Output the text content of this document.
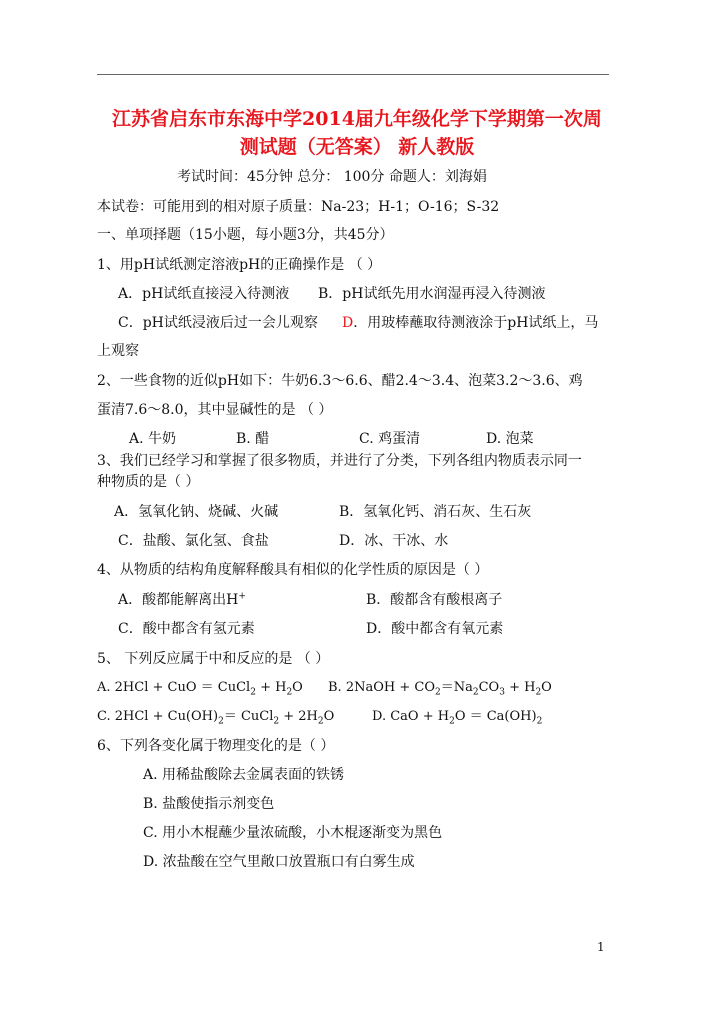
江苏省启东市东海中学2014届九年级化学下学期第一次周
测试题（无答案） 新人教版
考试时间：45分钟 总分： 100分 命题人：刘海娟
本试卷：可能用到的相对原子质量：Na-23；H-1；O-16；S-32
一、单项择题（15小题，每小题3分，共45分）
1、用pH试纸测定溶液pH的正确操作是 （ ）
A．pH试纸直接浸入待测液 B．pH试纸先用水润湿再浸入待测液
C．pH试纸浸液后过一会儿观察 D．用玻棒蘸取待测液涂于pH试纸上，马
上观察
2、一些食物的近似pH如下：牛奶6.3～6.6、醋2.4～3.4、泡菜3.2～3.6、鸡
蛋清7.6～8.0，其中显碱性的是 （ ）
A. 牛奶	B. 醋	C. 鸡蛋清	D. 泡菜
3、我们已经学习和掌握了很多物质，并进行了分类，下列各组内物质表示同一
种物质的是（ ）
A．氢氧化钠、烧碱、火碱	B．氢氧化钙、消石灰、生石灰
C．盐酸、氯化氢、食盐	D．冰、干冰、水
4、从物质的结构角度解释酸具有相似的化学性质的原因是（ ）
A．酸都能解离出H+	B．酸都含有酸根离子
C．酸中都含有氢元素	D．酸中都含有氧元素
5、 下列反应属于中和反应的是 （ ）
A. 2HCl + CuO ＝ CuCl$_2$ + $H_2O$ B. 2NaOH + $CO_2=Na_2CO_3 + H_2O$
C. $2HCl + Cu(OH)_2=$ CuCl$_2$ + $2H_2O$	D. CaO + $H_2O = Ca(OH)_2$
6、下列各变化属于物理变化的是（ ）
A. 用稀盐酸除去金属表面的铁锈
B. 盐酸使指示剂变色
C. 用小木棍蘸少量浓硫酸，小木棍逐渐变为黑色
D. 浓盐酸在空气里敞口放置瓶口有白雾生成
1
